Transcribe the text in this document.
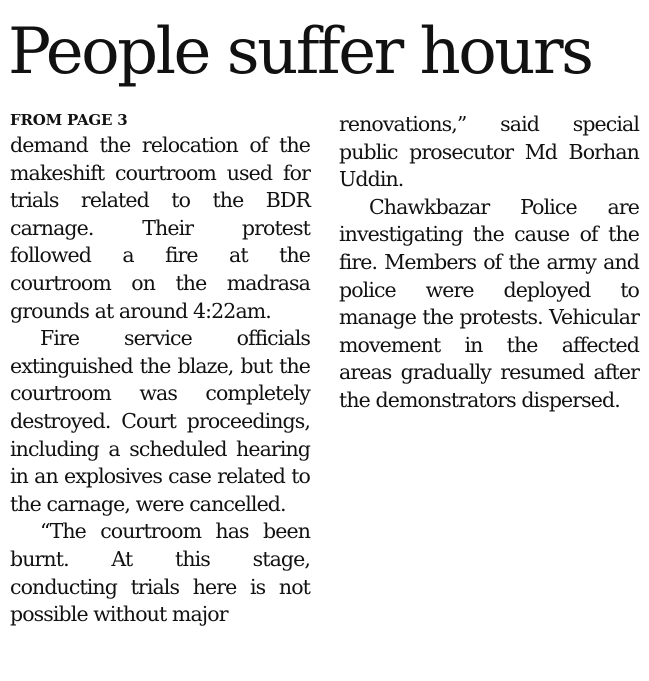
People suffer hours

FROM PAGE 3

demand the relocation of the makeshift courtroom used for trials related to the BDR carnage. Their protest followed a fire at the courtroom on the madrasa grounds at around 4:22am.

Fire service officials extinguished the blaze, but the courtroom was completely destroyed. Court proceedings, including a scheduled hearing in an explosives case related to the carnage, were cancelled.

“The courtroom has been burnt. At this stage, conducting trials here is not possible without major

renovations,” said special public prosecutor Md Borhan Uddin.

Chawkbazar Police are investigating the cause of the fire. Members of the army and police were deployed to manage the protests. Vehicular movement in the affected areas gradually resumed after the demonstrators dispersed.
